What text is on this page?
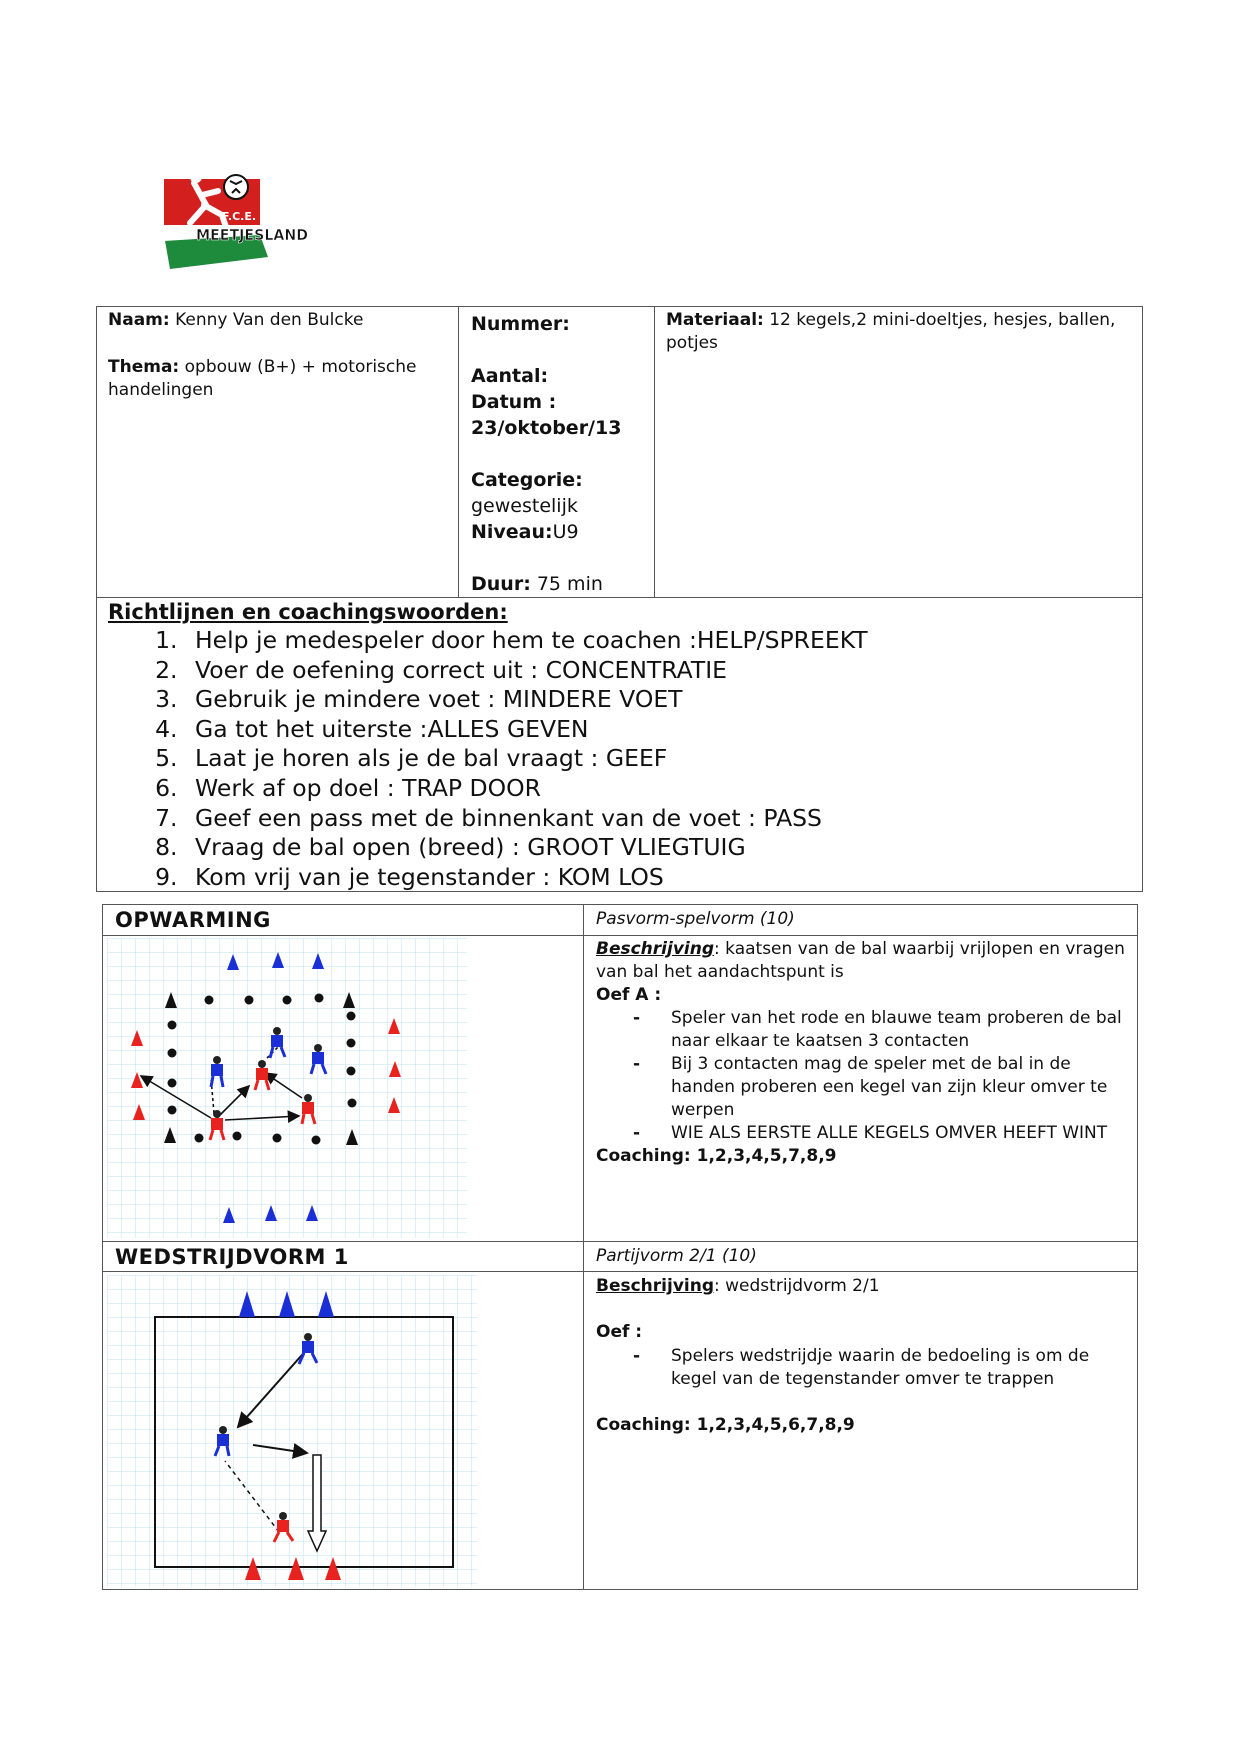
F.C.E.
MEETJESLAND
Naam: Kenny Van den Bulcke
Thema: opbouw (B+) + motorische handelingen
Nummer:
Aantal:
Datum :
23/oktober/13
Categorie:
gewestelijk
Niveau:U9
Duur: 75 min
Materiaal: 12 kegels,2 mini-doeltjes, hesjes, ballen, potjes
Richtlijnen en coachingswoorden:
1. Help je medespeler door hem te coachen :HELP/SPREEKT
2. Voer de oefening correct uit : CONCENTRATIE
3. Gebruik je mindere voet : MINDERE VOET
4. Ga tot het uiterste :ALLES GEVEN
5. Laat je horen als je de bal vraagt : GEEF
6. Werk af op doel : TRAP DOOR
7. Geef een pass met de binnenkant van de voet : PASS
8. Vraag de bal open (breed) : GROOT VLIEGTUIG
9. Kom vrij van je tegenstander : KOM LOS
OPWARMING	Pasvorm-spelvorm (10)

Beschrijving: kaatsen van de bal waarbij vrijlopen en vragen van bal het aandachtspunt is

Oef A :

- Speler van het rode en blauwe team proberen de bal naar elkaar te kaatsen 3 contacten
- Bij 3 contacten mag de speler met de bal in de handen proberen een kegel van zijn kleur omver te werpen
- WIE ALS EERSTE ALLE KEGELS OMVER HEEFT WINT

Coaching: 1,2,3,4,5,7,8,9

WEDSTRIJDVORM 1	Partijvorm 2/1 (10)

Beschrijving: wedstrijdvorm 2/1

Oef :

- Spelers wedstrijdje waarin de bedoeling is om de kegel van de tegenstander omver te trappen

Coaching: 1,2,3,4,5,6,7,8,9
